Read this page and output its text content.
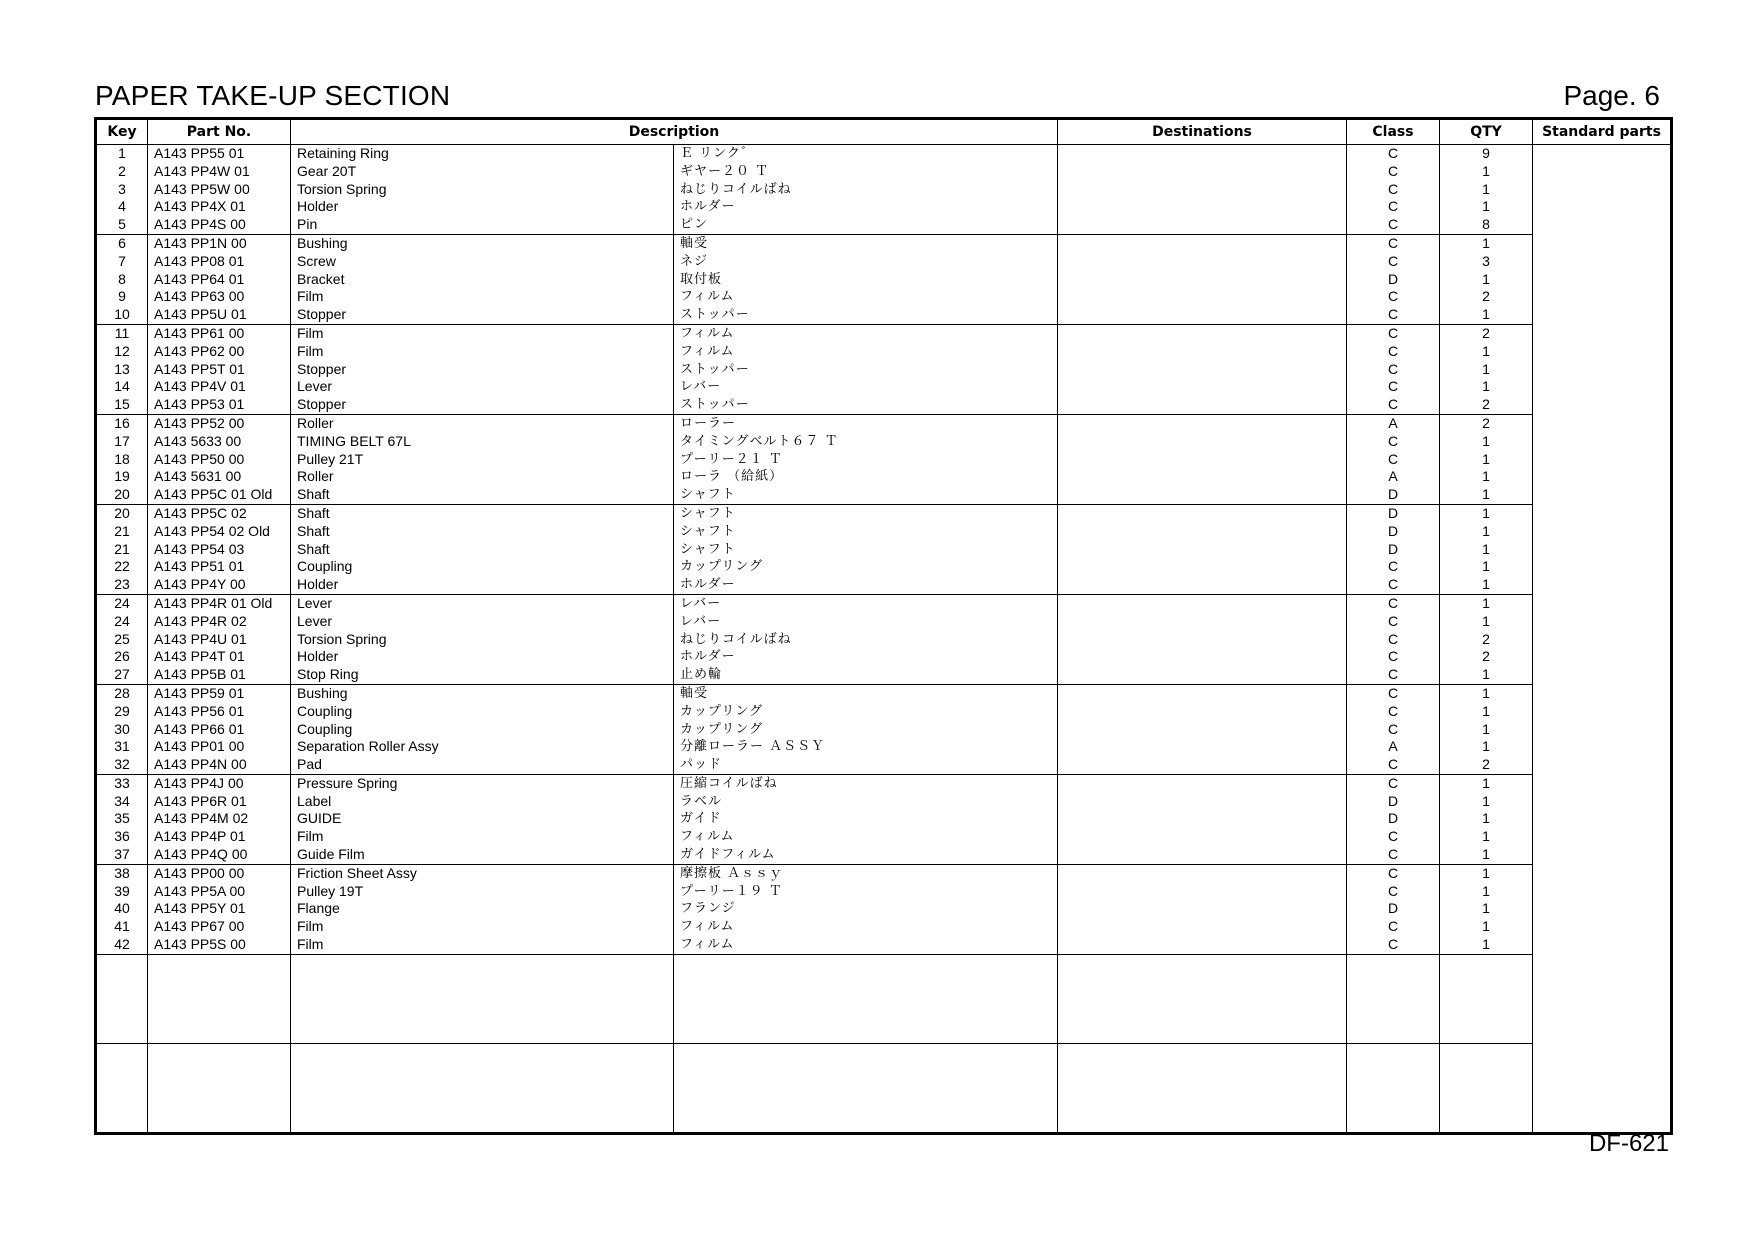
PAPER TAKE-UP SECTION	Page. 6
Key	Part No.	Description		Destinations	Class	QTY	Standard parts
1	A143 PP55 01	Retaining Ring	Ｅ リンク゛		C	9	
2	A143 PP4W 01	Gear 20T	ギヤー２０ Ｔ		C	1	
3	A143 PP5W 00	Torsion Spring	ねじりコイルばね		C	1	
4	A143 PP4X 01	Holder	ホルダー		C	1	
5	A143 PP4S 00	Pin	ピン		C	8	
6	A143 PP1N 00	Bushing	軸受		C	1	
7	A143 PP08 01	Screw	ネジ		C	3	
8	A143 PP64 01	Bracket	取付板		D	1	
9	A143 PP63 00	Film	フィルム		C	2	
10	A143 PP5U 01	Stopper	ストッパー		C	1	
11	A143 PP61 00	Film	フィルム		C	2	
12	A143 PP62 00	Film	フィルム		C	1	
13	A143 PP5T 01	Stopper	ストッパー		C	1	
14	A143 PP4V 01	Lever	レバー		C	1	
15	A143 PP53 01	Stopper	ストッパー		C	2	
16	A143 PP52 00	Roller	ローラー		A	2	
17	A143 5633 00	TIMING BELT 67L	タイミングベルト６７ Ｔ		C	1	
18	A143 PP50 00	Pulley 21T	プーリー２１ Ｔ		C	1	
19	A143 5631 00	Roller	ローラ （給紙）		A	1	
20	A143 PP5C 01 Old	Shaft	シャフト		D	1	
20	A143 PP5C 02	Shaft	シャフト		D	1	
21	A143 PP54 02 Old	Shaft	シャフト		D	1	
21	A143 PP54 03	Shaft	シャフト		D	1	
22	A143 PP51 01	Coupling	カップリング		C	1	
23	A143 PP4Y 00	Holder	ホルダー		C	1	
24	A143 PP4R 01 Old	Lever	レバー		C	1	
24	A143 PP4R 02	Lever	レバー		C	1	
25	A143 PP4U 01	Torsion Spring	ねじりコイルばね		C	2	
26	A143 PP4T 01	Holder	ホルダー		C	2	
27	A143 PP5B 01	Stop Ring	止め輪		C	1	
28	A143 PP59 01	Bushing	軸受		C	1	
29	A143 PP56 01	Coupling	カップリング		C	1	
30	A143 PP66 01	Coupling	カップリング		C	1	
31	A143 PP01 00	Separation Roller Assy	分離ローラー ＡＳＳＹ		A	1	
32	A143 PP4N 00	Pad	パッド		C	2	
33	A143 PP4J 00	Pressure Spring	圧縮コイルばね		C	1	
34	A143 PP6R 01	Label	ラベル		D	1	
35	A143 PP4M 02	GUIDE	ガイド		D	1	
36	A143 PP4P 01	Film	フィルム		C	1	
37	A143 PP4Q 00	Guide Film	ガイドフィルム		C	1	
38	A143 PP00 00	Friction Sheet Assy	摩擦板 Ａｓｓｙ		C	1	
39	A143 PP5A 00	Pulley 19T	プーリー１９ Ｔ		C	1	
40	A143 PP5Y 01	Flange	フランジ		D	1	
41	A143 PP67 00	Film	フィルム		C	1	
42	A143 PP5S 00	Film	フィルム		C	1	

DF-621
